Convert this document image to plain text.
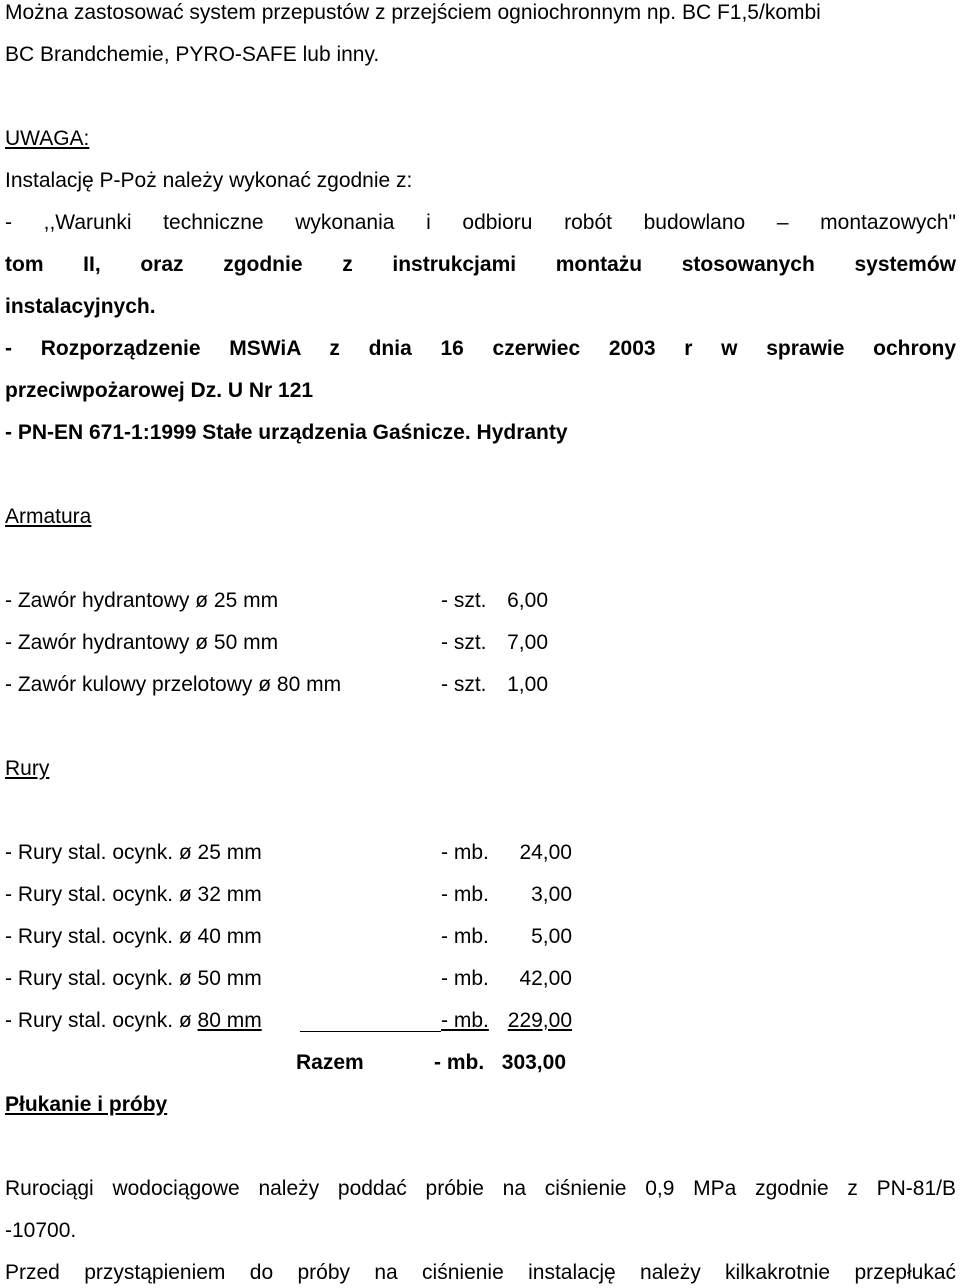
Można zastosować system przepustów z przejściem ogniochronnym np. BC F1,5/kombi
BC Brandchemie, PYRO-SAFE lub inny.
UWAGA:
Instalację P-Poż należy wykonać zgodnie z:
- ,,Warunki techniczne wykonania i odbioru robót budowlano – montazowych"
tom II, oraz zgodnie z instrukcjami montażu stosowanych systemów
instalacyjnych.
- Rozporządzenie MSWiA z dnia 16 czerwiec 2003 r w sprawie ochrony
przeciwpożarowej Dz. U Nr 121
- PN-EN 671-1:1999 Stałe urządzenia Gaśnicze. Hydranty
Armatura
- Zawór hydrantowy ø 25 mm	- szt. 6,00
- Zawór hydrantowy ø 50 mm	- szt. 7,00
- Zawór kulowy przelotowy ø 80 mm	- szt. 1,00
Rury
- Rury stal. ocynk. ø 25 mm	- mb.	24,00
- Rury stal. ocynk. ø 32 mm	- mb.	3,00
- Rury stal. ocynk. ø 40 mm	- mb.	5,00
- Rury stal. ocynk. ø 50 mm	- mb.	42,00
- Rury stal. ocynk. ø 80 mm	- mb. 229,00
Razem	- mb. 303,00
Płukanie i próby
Rurociągi wodociągowe należy poddać próbie na ciśnienie 0,9 MPa zgodnie z PN-81/B
-10700.
Przed przystąpieniem do próby na ciśnienie instalację należy kilkakrotnie przepłukać
